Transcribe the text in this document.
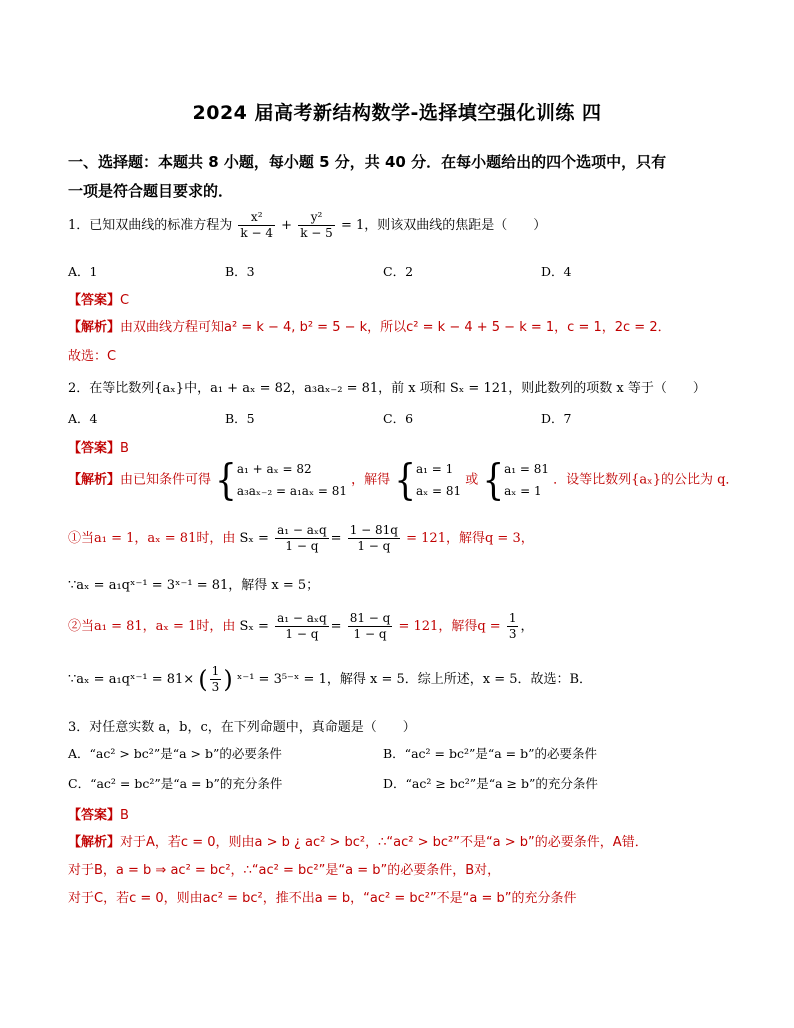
2024 届高考新结构数学-选择填空强化训练 四
一、选择题：本题共 8 小题，每小题 5 分，共 40 分．在每小题给出的四个选项中，只有
一项是符合题目要求的．
1．已知双曲线的标准方程为 $\frac{\text{x²}}{k - 4} + \frac{\text{y²}}{k - 5} = 1$，则该双曲线的焦距是（　　）
A．1	B．3	C．2	D．4
【答案】C
【解析】由双曲线方程可知a² = k − 4, b² = 5 − k，所以c² = k − 4 + 5 − k = 1，c = 1，2c = 2．
故选：C
2．在等比数列{aₓ}中，a₁ + aₓ = 82，a₃aₓ₋₂ = 81，前 x 项和 Sₓ = 121，则此数列的项数 x 等于（　　）
A．4	B．5	C．6	D．7
【答案】B
【解析】由已知条件可得 { a₁ + aₓ = 82
a₃aₓ₋₂ = a₁aₓ = 81
，解得 { a₁ = 1
aₓ = 81
或 { a₁ = 81
aₓ = 1
．设等比数列{aₓ}的公比为 q．
①当a₁ = 1，aₓ = 81时，由 $S_x = \frac{\text{a₁ − aₓq}}{1 - q} = \frac{1 - 81q}{1 - q} = 121$，解得q = 3，
∵aₓ = a₁qˣ⁻¹ = 3ˣ⁻¹ = 81，解得 x = 5；
②当a₁ = 81，aₓ = 1时，由 $S_x = \frac{\text{a₁ − aₓq}}{1 - q} = \frac{81 - q}{1 - q} = 121$，解得$q = \frac{1}{3}$ ，
∵aₓ = a₁qˣ⁻¹ = 81× ( $\frac{1}{3}$ ) ˣ⁻¹ = 3⁵⁻ˣ = 1，解得 x = 5．综上所述，x = 5．故选：B．
3．对任意实数 a，b，c，在下列命题中，真命题是（　　）
A．“ac² > bc²”是“a > b”的必要条件	B．“ac² = bc²”是“a = b”的必要条件
C．“ac² = bc²”是“a = b”的充分条件	D．“ac² ≥ bc²”是“a ≥ b”的充分条件
【答案】B
【解析】对于A，若c = 0，则由a > b ¿ ac² > bc²，∴“ac² > bc²”不是“a > b”的必要条件，A错．
对于B，a = b ⇒ ac² = bc²，∴“ac² = bc²”是“a = b”的必要条件，B对，
对于C，若c = 0，则由ac² = bc²，推不出a = b，“ac² = bc²”不是“a = b”的充分条件
